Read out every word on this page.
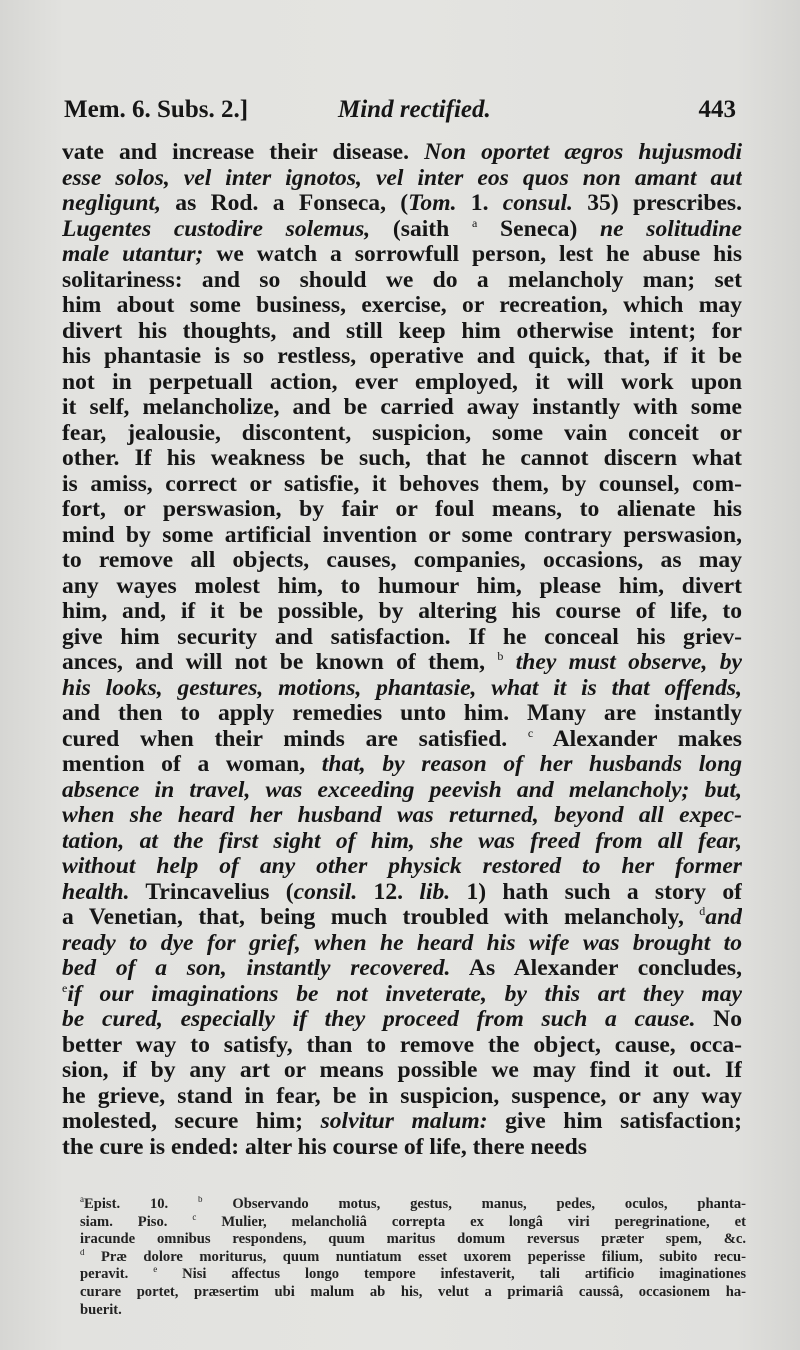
Mem. 6. Subs. 2.]	Mind rectified.	443
vate and increase their disease. Non oportet ægros hujusmodi
esse solos, vel inter ignotos, vel inter eos quos non amant aut
negligunt, as Rod. a Fonseca, (Tom. 1. consul. 35) prescribes.
Lugentes custodire solemus, (saith $^a$ Seneca) ne solitudine
male utantur; we watch a sorrowfull person, lest he abuse his
solitariness: and so should we do a melancholy man; set
him about some business, exercise, or recreation, which may
divert his thoughts, and still keep him otherwise intent; for
his phantasie is so restless, operative and quick, that, if it be
not in perpetuall action, ever employed, it will work upon
it self, melancholize, and be carried away instantly with some
fear, jealousie, discontent, suspicion, some vain conceit or
other. If his weakness be such, that he cannot discern what
is amiss, correct or satisfie, it behoves them, by counsel, com-
fort, or perswasion, by fair or foul means, to alienate his
mind by some artificial invention or some contrary perswasion,
to remove all objects, causes, companies, occasions, as may
any wayes molest him, to humour him, please him, divert
him, and, if it be possible, by altering his course of life, to
give him security and satisfaction. If he conceal his griev-
ances, and will not be known of them, $^b$ they must observe, by
his looks, gestures, motions, phantasie, what it is that offends,
and then to apply remedies unto him. Many are instantly
cured when their minds are satisfied. $^c$ Alexander makes
mention of a woman, that, by reason of her husbands long
absence in travel, was exceeding peevish and melancholy; but,
when she heard her husband was returned, beyond all expec-
tation, at the first sight of him, she was freed from all fear,
without help of any other physick restored to her former
health. Trincavelius (consil. 12. lib. 1) hath such a story of
a Venetian, that, being much troubled with melancholy, $^d$and
ready to dye for grief, when he heard his wife was brought to
bed of a son, instantly recovered. As Alexander concludes,
$^e$if our imaginations be not inveterate, by this art they may
be cured, especially if they proceed from such a cause. No
better way to satisfy, than to remove the object, cause, occa-
sion, if by any art or means possible we may find it out. If
he grieve, stand in fear, be in suspicion, suspence, or any way
molested, secure him; solvitur malum: give him satisfaction;
the cure is ended: alter his course of life, there needs
$^a$Epist. 10. $^b$ Observando motus, gestus, manus, pedes, oculos, phanta-
siam. Piso. $^c$ Mulier, melancholiâ correpta ex longâ viri peregrinatione, et
iracunde omnibus respondens, quum maritus domum reversus præter spem, &c.
$^d$ Præ dolore moriturus, quum nuntiatum esset uxorem peperisse filium, subito recu-
peravit. $^e$ Nisi affectus longo tempore infestaverit, tali artificio imaginationes
curare portet, præsertim ubi malum ab his, velut a primariâ caussâ, occasionem ha-
buerit.
